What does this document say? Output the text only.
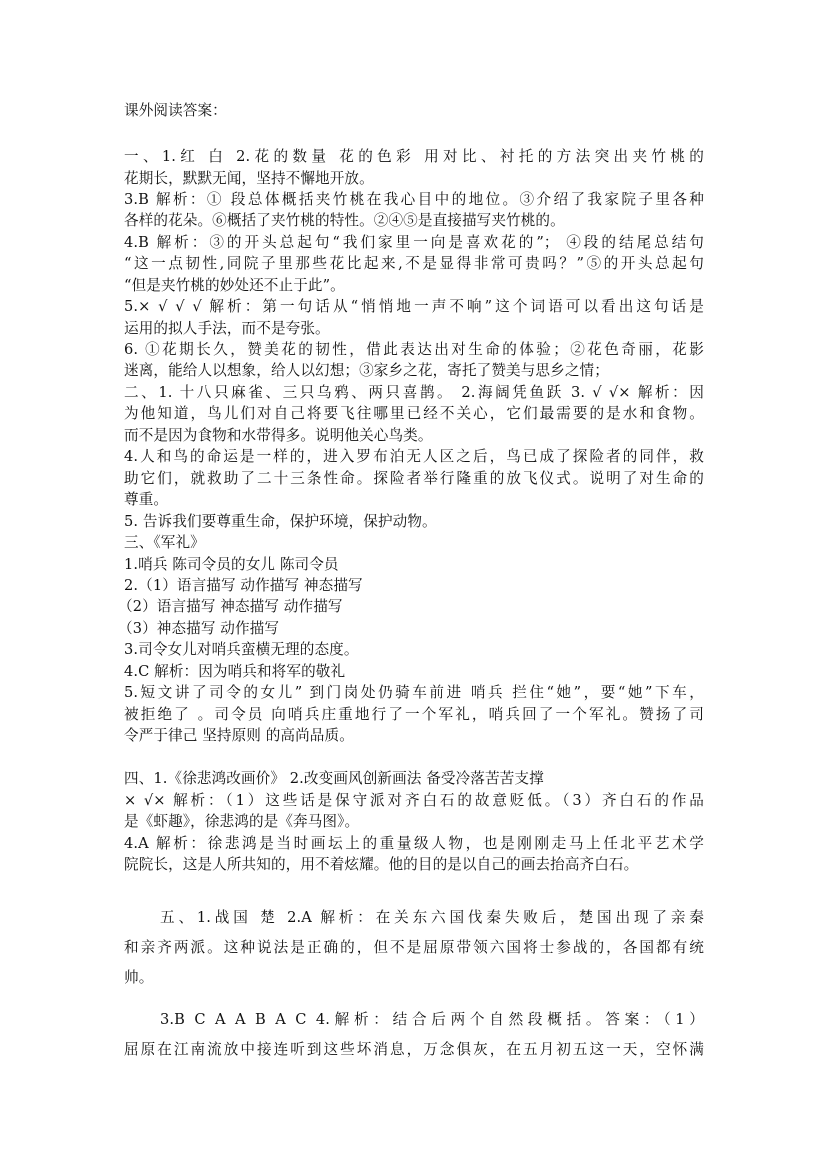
课外阅读答案：
一、1.红 白 2.花的数量 花的色彩 用对比、衬托的方法突出夹竹桃的
花期长，默默无闻，坚持不懈地开放。
3.B 解析：① 段总体概括夹竹桃在我心目中的地位。③介绍了我家院子里各种
各样的花朵。⑥概括了夹竹桃的特性。②④⑤是直接描写夹竹桃的。
4.B 解析：③的开头总起句“我们家里一向是喜欢花的”； ④段的结尾总结句
“这一点韧性,同院子里那些花比起来,不是显得非常可贵吗？”⑤的开头总起句
“但是夹竹桃的妙处还不止于此”。
5.× √ √ √ 解析：第一句话从“悄悄地一声不响”这个词语可以看出这句话是
运用的拟人手法，而不是夸张。
6. ①花期长久，赞美花的韧性，借此表达出对生命的体验；②花色奇丽，花影
迷离，能给人以想象，给人以幻想；③家乡之花，寄托了赞美与思乡之情；
二、1. 十八只麻雀、三只乌鸦、两只喜鹊。 2.海阔凭鱼跃 3. √ √× 解析：因
为他知道，鸟儿们对自己将要飞往哪里已经不关心，它们最需要的是水和食物。
而不是因为食物和水带得多。说明他关心鸟类。
4.人和鸟的命运是一样的，进入罗布泊无人区之后，鸟已成了探险者的同伴，救
助它们，就救助了二十三条性命。探险者举行隆重的放飞仪式。说明了对生命的
尊重。
5. 告诉我们要尊重生命，保护环境，保护动物。
三、《军礼》
1.哨兵 陈司令员的女儿 陈司令员
2.（1）语言描写 动作描写 神态描写
（2）语言描写 神态描写 动作描写
（3）神态描写 动作描写
3.司令女儿对哨兵蛮横无理的态度。
4.C 解析：因为哨兵和将军的敬礼
5.短文讲了司令的女儿” 到门岗处仍骑车前进 哨兵 拦住“她”，要“她”下车，
被拒绝了 。司令员 向哨兵庄重地行了一个军礼，哨兵回了一个军礼。赞扬了司
令严于律己 坚持原则 的高尚品质。
四、1.《徐悲鸿改画价》 2.改变画风创新画法 备受冷落苦苦支撑
× √× 解析：（1）这些话是保守派对齐白石的故意贬低。（3）齐白石的作品
是《虾趣》，徐悲鸿的是《奔马图》。
4.A 解析：徐悲鸿是当时画坛上的重量级人物，也是刚刚走马上任北平艺术学
院院长，这是人所共知的，用不着炫耀。他的目的是以自己的画去抬高齐白石。
五、1.战国 楚 2.A 解析：在关东六国伐秦失败后，楚国出现了亲秦
和亲齐两派。这种说法是正确的，但不是屈原带领六国将士参战的，各国都有统
帅。
3.B C A A B A C 4.解析：结合后两个自然段概括。答案：（1）
屈原在江南流放中接连听到这些坏消息，万念俱灰，在五月初五这一天，空怀满
